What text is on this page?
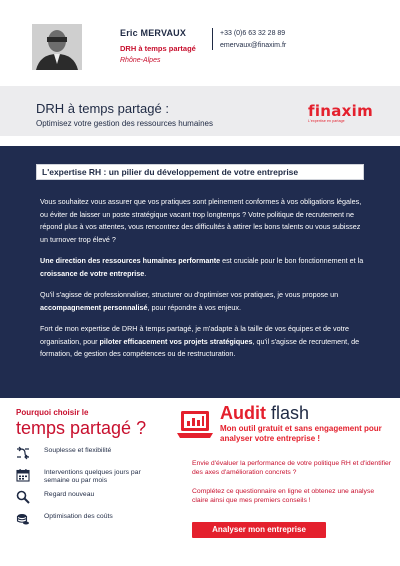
Eric MERVAUX
DRH à temps partagé
Rhône-Alpes
+33 (0)6 63 32 28 89
emervaux@finaxim.fr
DRH à temps partagé :
Optimisez votre gestion des ressources humaines
finaxim
L'expertise en partage
L'expertise RH : un pilier du développement de votre entreprise

Vous souhaitez vous assurer que vos pratiques sont pleinement conformes à vos obligations légales, ou éviter de laisser un poste stratégique vacant trop longtemps ? Votre politique de recrutement ne répond plus à vos attentes, vous rencontrez des difficultés à attirer les bons talents ou vous subissez un turnover trop élevé ?

Une direction des ressources humaines performante est cruciale pour le bon fonctionnement et la croissance de votre entreprise.

Qu'il s'agisse de professionnaliser, structurer ou d'optimiser vos pratiques, je vous propose un accompagnement personnalisé, pour répondre à vos enjeux.

Fort de mon expertise de DRH à temps partagé, je m'adapte à la taille de vos équipes et de votre organisation, pour piloter efficacement vos projets stratégiques, qu'il s'agisse de recrutement, de formation, de gestion des compétences ou de restructuration.

Pourquoi choisir le
temps partagé ?
Souplesse et flexibilité
Interventions quelques jours par semaine ou par mois
Regard nouveau
Optimisation des coûts
Audit flash
Mon outil gratuit et sans engagement pour analyser votre entreprise !
Envie d'évaluer la performance de votre politique RH et d'identifier des axes d'amélioration concrets ?
Complétez ce questionnaire en ligne et obtenez une analyse claire ainsi que mes premiers conseils !
Analyser mon entreprise
